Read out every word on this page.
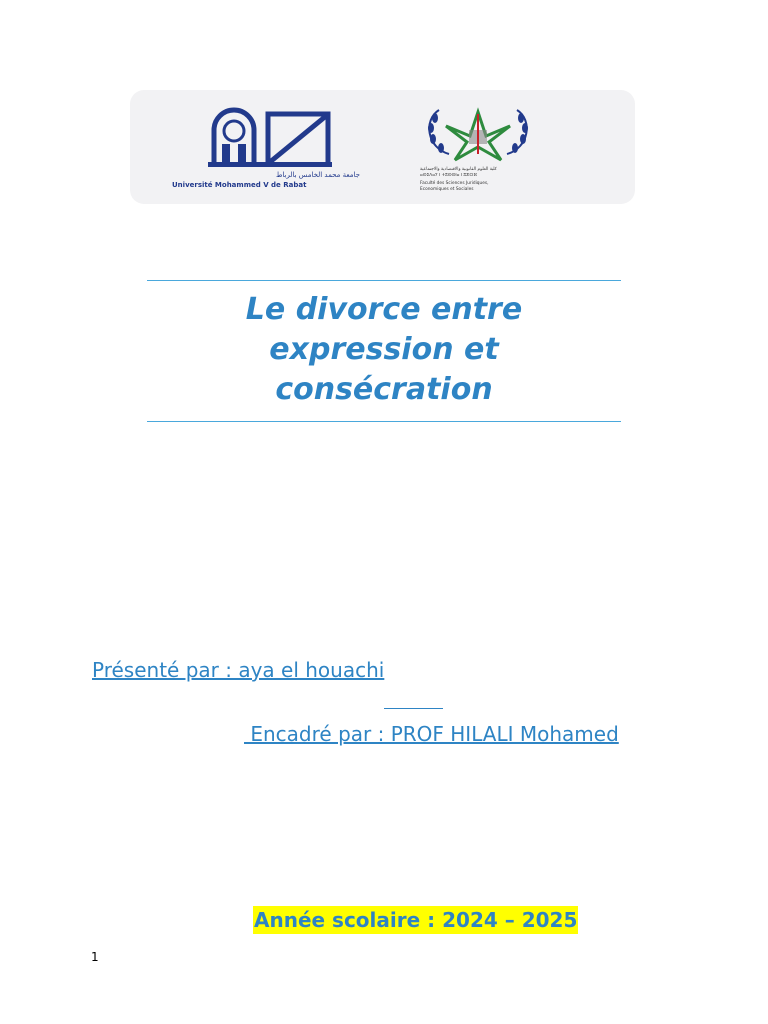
جامعة محمد الخامس بالرباط
Université Mohammed V de Rabat
كلية العلوم القانونية والاقتصادية والاجتماعية
ⴰⵙⵉⴷⴰⵢ ⵏ ⵜⵓⵙⵙⵏⴰ ⵏ ⵓⵣⵔⴼ
Faculté des Sciences Juridiques,
Economiques et Sociales
Le divorce entre
expression et
consécration
Présenté par : aya el houachi
Encadré par : PROF HILALI Mohamed
Année scolaire : 2024 – 2025
1
